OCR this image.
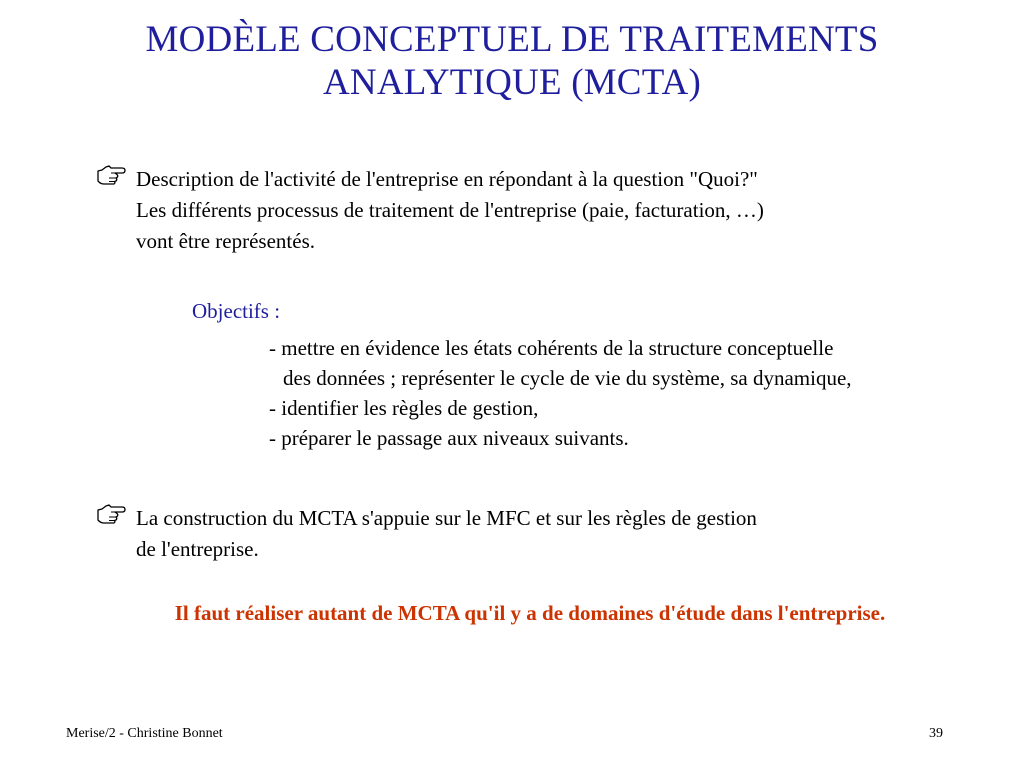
MODÈLE CONCEPTUEL DE TRAITEMENTS
ANALYTIQUE (MCTA)
Description de l'activité de l'entreprise en répondant à la question "Quoi?"
Les différents processus de traitement de l'entreprise (paie, facturation, …)
vont être représentés.
Objectifs :
- mettre en évidence les états cohérents de la structure conceptuelle
des données ; représenter le cycle de vie du système, sa dynamique,
- identifier les règles de gestion,
- préparer le passage aux niveaux suivants.
La construction du MCTA s'appuie sur le MFC et sur les règles de gestion
de l'entreprise.
Il faut réaliser autant de MCTA qu'il y a de domaines d'étude dans l'entreprise.
Merise/2 - Christine Bonnet	39
